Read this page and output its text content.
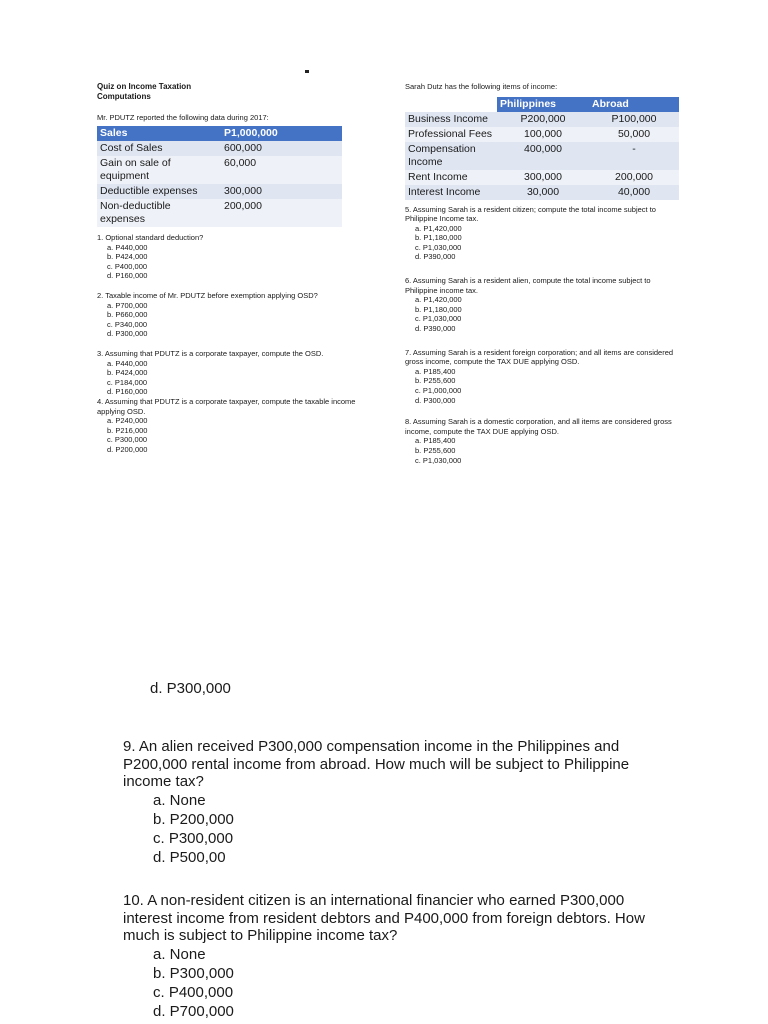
Quiz on Income Taxation
Computations
Mr. PDUTZ reported the following data during 2017:
Sales	P1,000,000
Cost of Sales	600,000
Gain on sale of equipment	60,000
Deductible expenses	300,000
Non-deductible expenses	200,000
1. Optional standard deduction?
a. P440,000
b. P424,000
c. P400,000
d. P160,000
2. Taxable income of Mr. PDUTZ before exemption applying OSD?
a. P700,000
b. P660,000
c. P340,000
d. P300,000
3. Assuming that PDUTZ is a corporate taxpayer, compute the OSD.
a. P440,000
b. P424,000
c. P184,000
d. P160,000
4. Assuming that PDUTZ is a corporate taxpayer, compute the taxable income applying OSD.
a. P240,000
b. P216,000
c. P300,000
d. P200,000
Sarah Dutz has the following items of income:
	Philippines	Abroad
Business Income	P200,000	P100,000
Professional Fees	100,000	50,000
Compensation Income	400,000	-
Rent Income	300,000	200,000
Interest Income	30,000	40,000
5. Assuming Sarah is a resident citizen; compute the total income subject to Philippine Income tax.
a. P1,420,000
b. P1,180,000
c. P1,030,000
d. P390,000
6. Assuming Sarah is a resident alien, compute the total income subject to Philippine income tax.
a. P1,420,000
b. P1,180,000
c. P1,030,000
d. P390,000
7. Assuming Sarah is a resident foreign corporation; and all items are considered gross income, compute the TAX DUE applying OSD.
a. P185,400
b. P255,600
c. P1,000,000
d. P300,000
8. Assuming Sarah is a domestic corporation, and all items are considered gross income, compute the TAX DUE applying OSD.
a. P185,400
b. P255,600
c. P1,030,000
d. P300,000
9. An alien received P300,000 compensation income in the Philippines and P200,000 rental income from abroad. How much will be subject to Philippine income tax?
a. None
b. P200,000
c. P300,000
d. P500,00
10. A non-resident citizen is an international financier who earned P300,000 interest income from resident debtors and P400,000 from foreign debtors. How much is subject to Philippine income tax?
a. None
b. P300,000
c. P400,000
d. P700,000
